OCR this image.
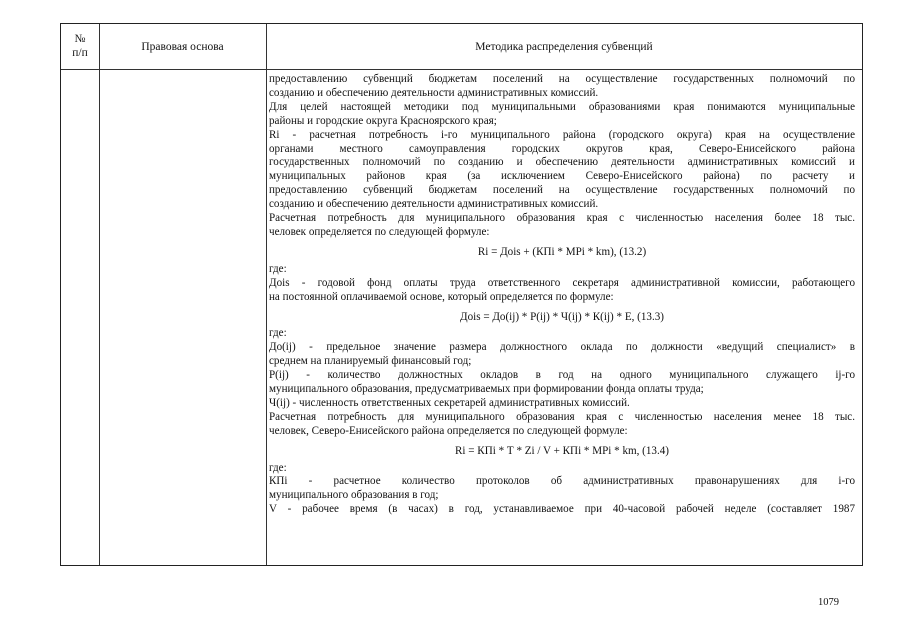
№
п/п	Правовая основа	Методика распределения субвенций

предоставлению субвенций бюджетам поселений на осуществление государственных полномочий по

созданию и обеспечению деятельности административных комиссий.

Для целей настоящей методики под муниципальными образованиями края понимаются муниципальные

районы и городские округа Красноярского края;

Ri - расчетная потребность i-го муниципального района (городского округа) края на осуществление

органами местного самоуправления городских округов края, Северо-Енисейского района

государственных полномочий по созданию и обеспечению деятельности административных комиссий и

муниципальных районов края (за исключением Северо-Енисейского района) по расчету и

предоставлению субвенций бюджетам поселений на осуществление государственных полномочий по

созданию и обеспечению деятельности административных комиссий.

Расчетная потребность для муниципального образования края с численностью населения более 18 тыс.

человек определяется по следующей формуле:

Ri = Доis + (КПi * МРi * km), (13.2)

где:

Доis - годовой фонд оплаты труда ответственного секретаря административной комиссии, работающего

на постоянной оплачиваемой основе, который определяется по формуле:

Доis = До(ij) * Р(ij) * Ч(ij) * К(ij) * Е, (13.3)

где:

До(ij) - предельное значение размера должностного оклада по должности «ведущий специалист» в

среднем на планируемый финансовый год;

Р(ij) - количество должностных окладов в год на одного муниципального служащего ij-го

муниципального образования, предусматриваемых при формировании фонда оплаты труда;

Ч(ij) - численность ответственных секретарей административных комиссий.

Расчетная потребность для муниципального образования края с численностью населения менее 18 тыс.

человек, Северо-Енисейского района определяется по следующей формуле:

Ri = КПi * Т * Zi / V + КПi * МРi * km, (13.4)

где:

КПi - расчетное количество протоколов об административных правонарушениях для i-го

муниципального образования в год;

V - рабочее время (в часах) в год, устанавливаемое при 40-часовой рабочей неделе (составляет 1987

1079
